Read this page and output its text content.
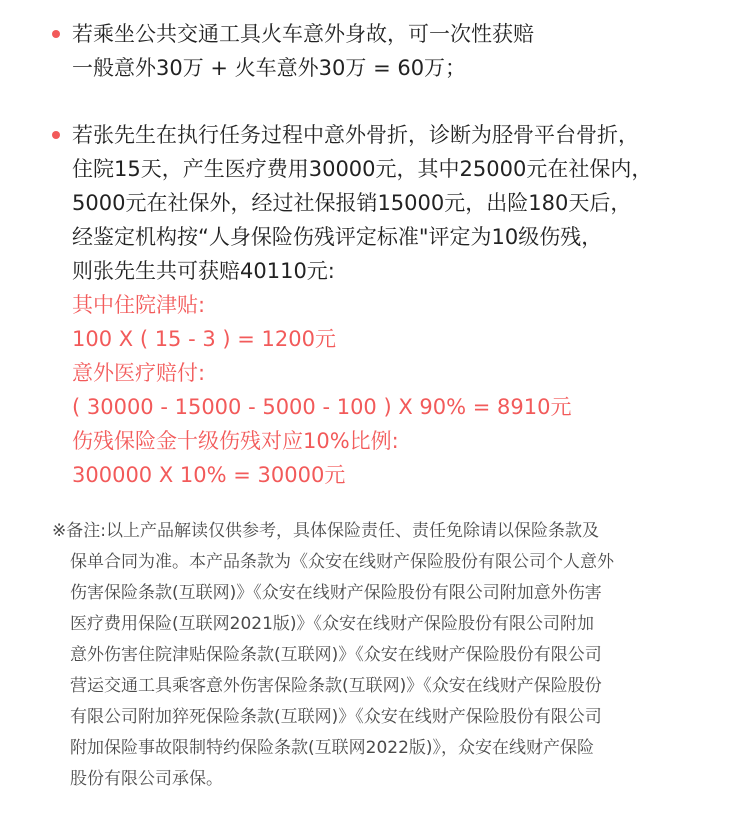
若乘坐公共交通工具火车意外身故，可一次性获赔
一般意外30万 + 火车意外30万 = 60万；
若张先生在执行任务过程中意外骨折，诊断为胫骨平台骨折，
住院15天，产生医疗费用30000元，其中25000元在社保内，
5000元在社保外，经过社保报销15000元，出险180天后，
经鉴定机构按“人身保险伤残评定标准"评定为10级伤残，
则张先生共可获赔40110元:
其中住院津贴:
100 X ( 15 - 3 ) = 1200元
意外医疗赔付:
( 30000 - 15000 - 5000 - 100 ) X 90% = 8910元
伤残保险金十级伤残对应10%比例:
300000 X 10% = 30000元
※备注:以上产品解读仅供参考，具体保险责任、责任免除请以保险条款及
保单合同为准。本产品条款为《众安在线财产保险股份有限公司个人意外
伤害保险条款(互联网)》《众安在线财产保险股份有限公司附加意外伤害
医疗费用保险(互联网2021版)》《众安在线财产保险股份有限公司附加
意外伤害住院津贴保险条款(互联网)》《众安在线财产保险股份有限公司
营运交通工具乘客意外伤害保险条款(互联网)》《众安在线财产保险股份
有限公司附加猝死保险条款(互联网)》《众安在线财产保险股份有限公司
附加保险事故限制特约保险条款(互联网2022版)》，众安在线财产保险
股份有限公司承保。
